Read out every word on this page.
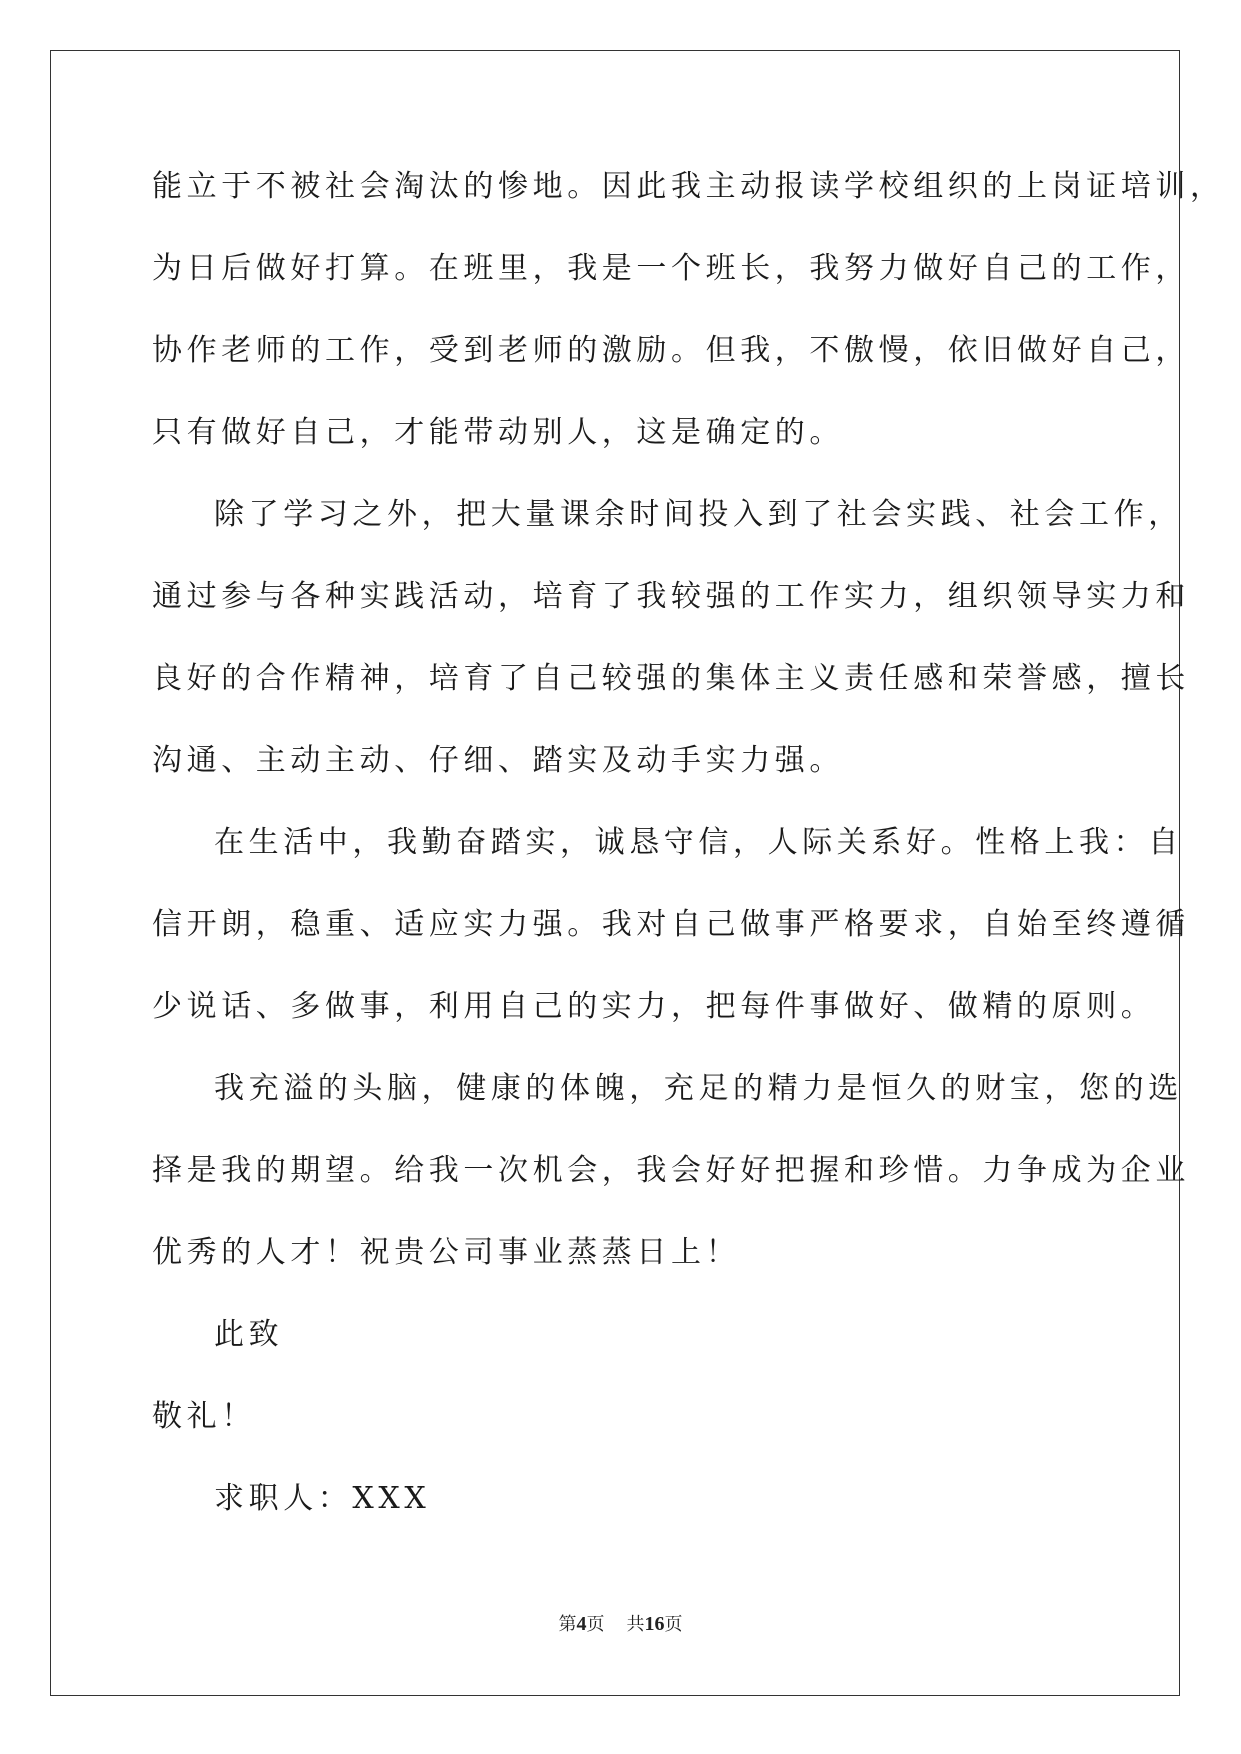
能立于不被社会淘汰的惨地。因此我主动报读学校组织的上岗证培训，
为日后做好打算。在班里，我是一个班长，我努力做好自己的工作，
协作老师的工作，受到老师的激励。但我，不傲慢，依旧做好自己，
只有做好自己，才能带动别人，这是确定的。
除了学习之外，把大量课余时间投入到了社会实践、社会工作，
通过参与各种实践活动，培育了我较强的工作实力，组织领导实力和
良好的合作精神，培育了自己较强的集体主义责任感和荣誉感，擅长
沟通、主动主动、仔细、踏实及动手实力强。
在生活中，我勤奋踏实，诚恳守信，人际关系好。性格上我：自
信开朗，稳重、适应实力强。我对自己做事严格要求，自始至终遵循
少说话、多做事，利用自己的实力，把每件事做好、做精的原则。
我充溢的头脑，健康的体魄，充足的精力是恒久的财宝，您的选
择是我的期望。给我一次机会，我会好好把握和珍惜。力争成为企业
优秀的人才！祝贵公司事业蒸蒸日上！
此致
敬礼！
求职人：XXX
第4页 共16页
